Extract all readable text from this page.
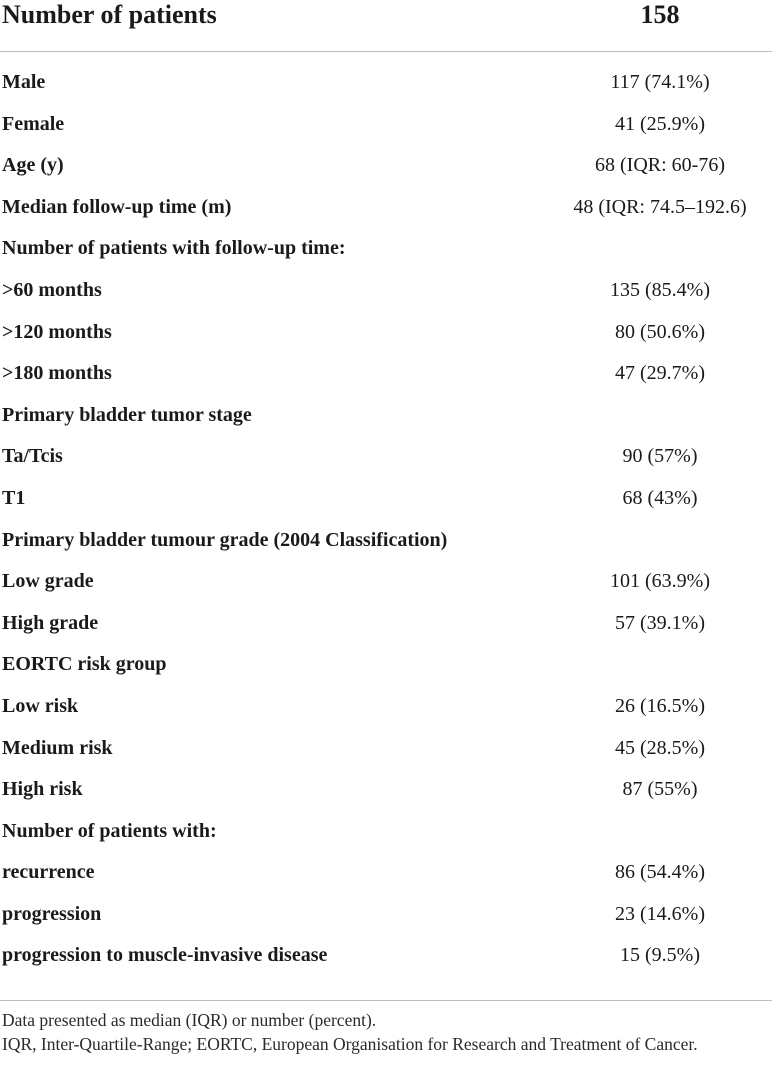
Number of patients	158
Male	117 (74.1%)
Female	41 (25.9%)
Age (y)	68 (IQR: 60-76)
Median follow-up time (m)	48 (IQR: 74.5–192.6)
Number of patients with follow-up time:
>60 months	135 (85.4%)
>120 months	80 (50.6%)
>180 months	47 (29.7%)
Primary bladder tumor stage
Ta/Tcis	90 (57%)
T1	68 (43%)
Primary bladder tumour grade (2004 Classification)
Low grade	101 (63.9%)
High grade	57 (39.1%)
EORTC risk group
Low risk	26 (16.5%)
Medium risk	45 (28.5%)
High risk	87 (55%)
Number of patients with:
recurrence	86 (54.4%)
progression	23 (14.6%)
progression to muscle-invasive disease	15 (9.5%)
Data presented as median (IQR) or number (percent).
IQR, Inter-Quartile-Range; EORTC, European Organisation for Research and Treatment of Cancer.
